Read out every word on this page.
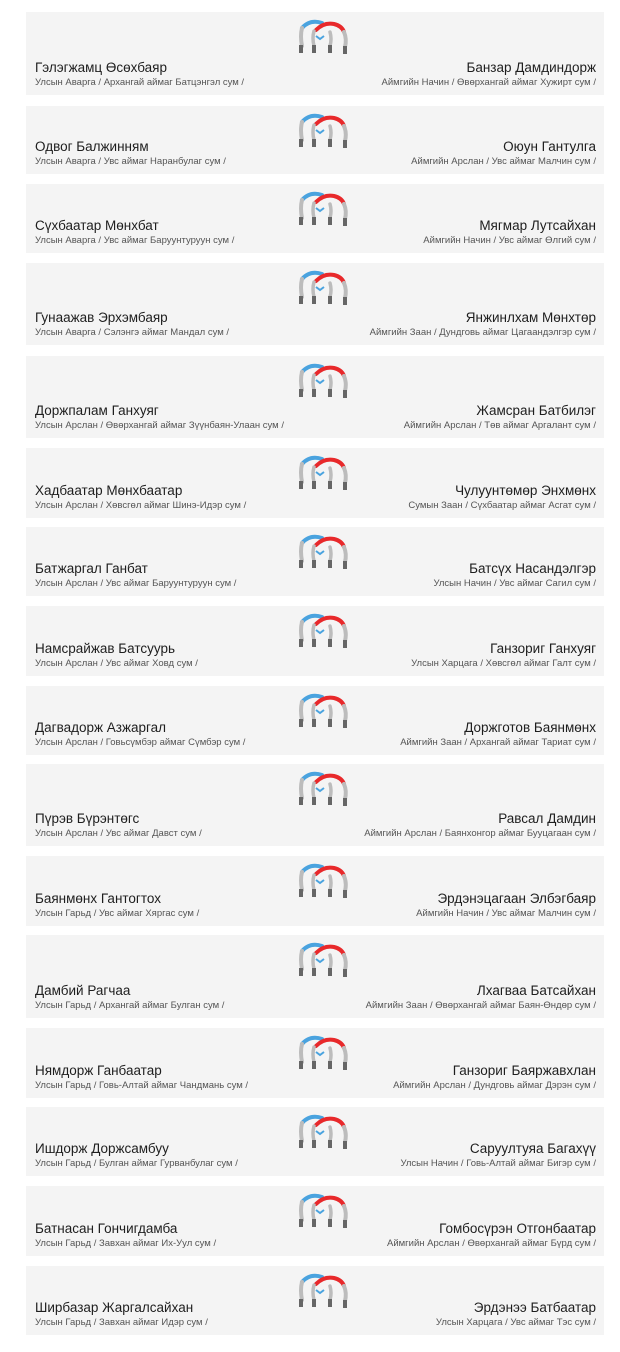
Гэлэгжамц Өсөхбаяр
Улсын Аварга / Архангай аймаг Батцэнгэл сум /
Банзар Дамдиндорж
Аймгийн Начин / Өвөрхангай аймаг Хужирт сум /
Одвог Балжинням
Улсын Аварга / Увс аймаг Наранбулаг сум /
Оюун Гантулга
Аймгийн Арслан / Увс аймаг Малчин сум /
Сүхбаатар Мөнхбат
Улсын Аварга / Увс аймаг Баруунтуруун сум /
Мягмар Лутсайхан
Аймгийн Начин / Увс аймаг Өлгий сум /
Гунаажав Эрхэмбаяр
Улсын Аварга / Сэлэнгэ аймаг Мандал сум /
Янжинлхам Мөнхтөр
Аймгийн Заан / Дундговь аймаг Цагаандэлгэр сум /
Доржпалам Ганхуяг
Улсын Арслан / Өвөрхангай аймаг Зүүнбаян-Улаан сум /
Жамсран Батбилэг
Аймгийн Арслан / Төв аймаг Аргалант сум /
Хадбаатар Мөнхбаатар
Улсын Арслан / Хөвсгөл аймаг Шинэ-Идэр сум /
Чулуунтөмөр Энхмөнх
Сумын Заан / Сүхбаатар аймаг Асгат сум /
Батжаргал Ганбат
Улсын Арслан / Увс аймаг Баруунтуруун сум /
Батсүх Насандэлгэр
Улсын Начин / Увс аймаг Сагил сум /
Намсрайжав Батсуурь
Улсын Арслан / Увс аймаг Ховд сум /
Ганзориг Ганхуяг
Улсын Харцага / Хөвсгөл аймаг Галт сум /
Дагвадорж Азжаргал
Улсын Арслан / Говьсүмбэр аймаг Сүмбэр сум /
Доржготов Баянмөнх
Аймгийн Заан / Архангай аймаг Тариат сум /
Пүрэв Бүрэнтөгс
Улсын Арслан / Увс аймаг Давст сум /
Равсал Дамдин
Аймгийн Арслан / Баянхонгор аймаг Бууцагаан сум /
Баянмөнх Гантогтох
Улсын Гарьд / Увс аймаг Хяргас сум /
Эрдэнэцагаан Элбэгбаяр
Аймгийн Начин / Увс аймаг Малчин сум /
Дамбий Рагчаа
Улсын Гарьд / Архангай аймаг Булган сум /
Лхагваа Батсайхан
Аймгийн Заан / Өвөрхангай аймаг Баян-Өндөр сум /
Нямдорж Ганбаатар
Улсын Гарьд / Говь-Алтай аймаг Чандмань сум /
Ганзориг Баяржавхлан
Аймгийн Арслан / Дундговь аймаг Дэрэн сум /
Ишдорж Доржсамбуу
Улсын Гарьд / Булган аймаг Гурванбулаг сум /
Саруултуяа Багахүү
Улсын Начин / Говь-Алтай аймаг Бигэр сум /
Батнасан Гончигдамба
Улсын Гарьд / Завхан аймаг Их-Уул сум /
Гомбосүрэн Отгонбаатар
Аймгийн Арслан / Өвөрхангай аймаг Бүрд сум /
Ширбазар Жаргалсайхан
Улсын Гарьд / Завхан аймаг Идэр сум /
Эрдэнээ Батбаатар
Улсын Харцага / Увс аймаг Тэс сум /
